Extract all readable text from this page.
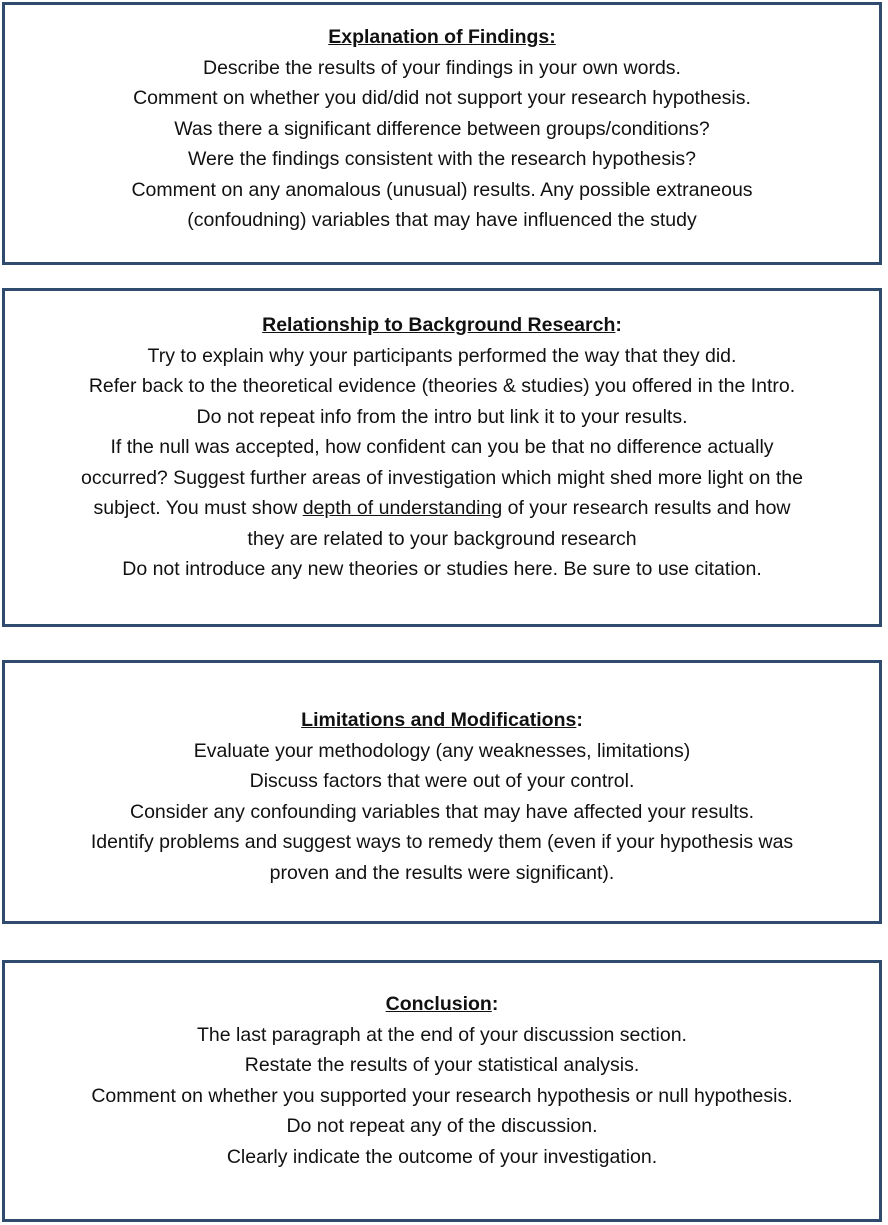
Explanation of Findings:

Describe the results of your findings in your own words.

Comment on whether you did/did not support your research hypothesis.

Was there a significant difference between groups/conditions?

Were the findings consistent with the research hypothesis?

Comment on any anomalous (unusual) results. Any possible extraneous

(confoudning) variables that may have influenced the study

Relationship to Background Research:

Try to explain why your participants performed the way that they did.

Refer back to the theoretical evidence (theories & studies) you offered in the Intro.

Do not repeat info from the intro but link it to your results.

If the null was accepted, how confident can you be that no difference actually

occurred? Suggest further areas of investigation which might shed more light on the

subject. You must show depth of understanding of your research results and how

they are related to your background research

Do not introduce any new theories or studies here. Be sure to use citation.

Limitations and Modifications:

Evaluate your methodology (any weaknesses, limitations)

Discuss factors that were out of your control.

Consider any confounding variables that may have affected your results.

Identify problems and suggest ways to remedy them (even if your hypothesis was

proven and the results were significant).

Conclusion:

The last paragraph at the end of your discussion section.

Restate the results of your statistical analysis.

Comment on whether you supported your research hypothesis or null hypothesis.

Do not repeat any of the discussion.

Clearly indicate the outcome of your investigation.
